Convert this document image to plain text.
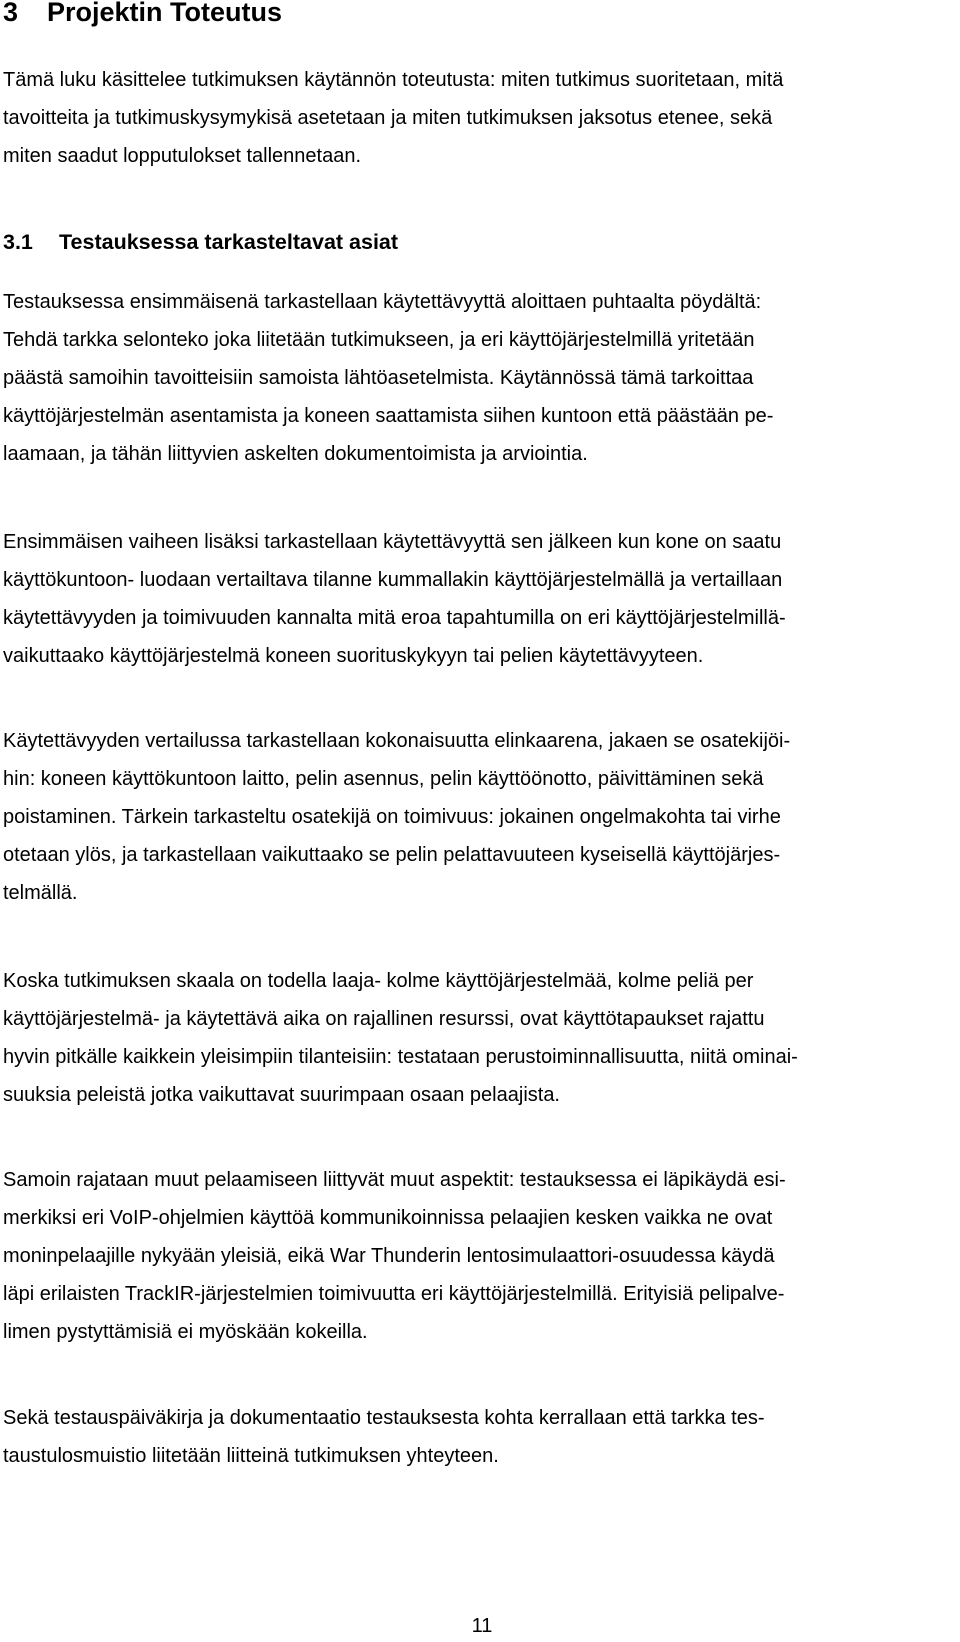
3 Projektin Toteutus

Tämä luku käsittelee tutkimuksen käytännön toteutusta: miten tutkimus suoritetaan, mitä
tavoitteita ja tutkimuskysymykisä asetetaan ja miten tutkimuksen jaksotus etenee, sekä
miten saadut lopputulokset tallennetaan.

3.1 Testauksessa tarkasteltavat asiat

Testauksessa ensimmäisenä tarkastellaan käytettävyyttä aloittaen puhtaalta pöydältä:
Tehdä tarkka selonteko joka liitetään tutkimukseen, ja eri käyttöjärjestelmillä yritetään
päästä samoihin tavoitteisiin samoista lähtöasetelmista. Käytännössä tämä tarkoittaa
käyttöjärjestelmän asentamista ja koneen saattamista siihen kuntoon että päästään pe-
laamaan, ja tähän liittyvien askelten dokumentoimista ja arviointia.

Ensimmäisen vaiheen lisäksi tarkastellaan käytettävyyttä sen jälkeen kun kone on saatu
käyttökuntoon- luodaan vertailtava tilanne kummallakin käyttöjärjestelmällä ja vertaillaan
käytettävyyden ja toimivuuden kannalta mitä eroa tapahtumilla on eri käyttöjärjestelmillä-
vaikuttaako käyttöjärjestelmä koneen suorituskykyyn tai pelien käytettävyyteen.

Käytettävyyden vertailussa tarkastellaan kokonaisuutta elinkaarena, jakaen se osatekijöi-
hin: koneen käyttökuntoon laitto, pelin asennus, pelin käyttöönotto, päivittäminen sekä
poistaminen. Tärkein tarkasteltu osatekijä on toimivuus: jokainen ongelmakohta tai virhe
otetaan ylös, ja tarkastellaan vaikuttaako se pelin pelattavuuteen kyseisellä käyttöjärjes-
telmällä.

Koska tutkimuksen skaala on todella laaja- kolme käyttöjärjestelmää, kolme peliä per
käyttöjärjestelmä- ja käytettävä aika on rajallinen resurssi, ovat käyttötapaukset rajattu
hyvin pitkälle kaikkein yleisimpiin tilanteisiin: testataan perustoiminnallisuutta, niitä ominai-
suuksia peleistä jotka vaikuttavat suurimpaan osaan pelaajista.

Samoin rajataan muut pelaamiseen liittyvät muut aspektit: testauksessa ei läpikäydä esi-
merkiksi eri VoIP-ohjelmien käyttöä kommunikoinnissa pelaajien kesken vaikka ne ovat
moninpelaajille nykyään yleisiä, eikä War Thunderin lentosimulaattori-osuudessa käydä
läpi erilaisten TrackIR-järjestelmien toimivuutta eri käyttöjärjestelmillä. Erityisiä pelipalve-
limen pystyttämisiä ei myöskään kokeilla.

Sekä testauspäiväkirja ja dokumentaatio testauksesta kohta kerrallaan että tarkka tes-
taustulosmuistio liitetään liitteinä tutkimuksen yhteyteen.

11
